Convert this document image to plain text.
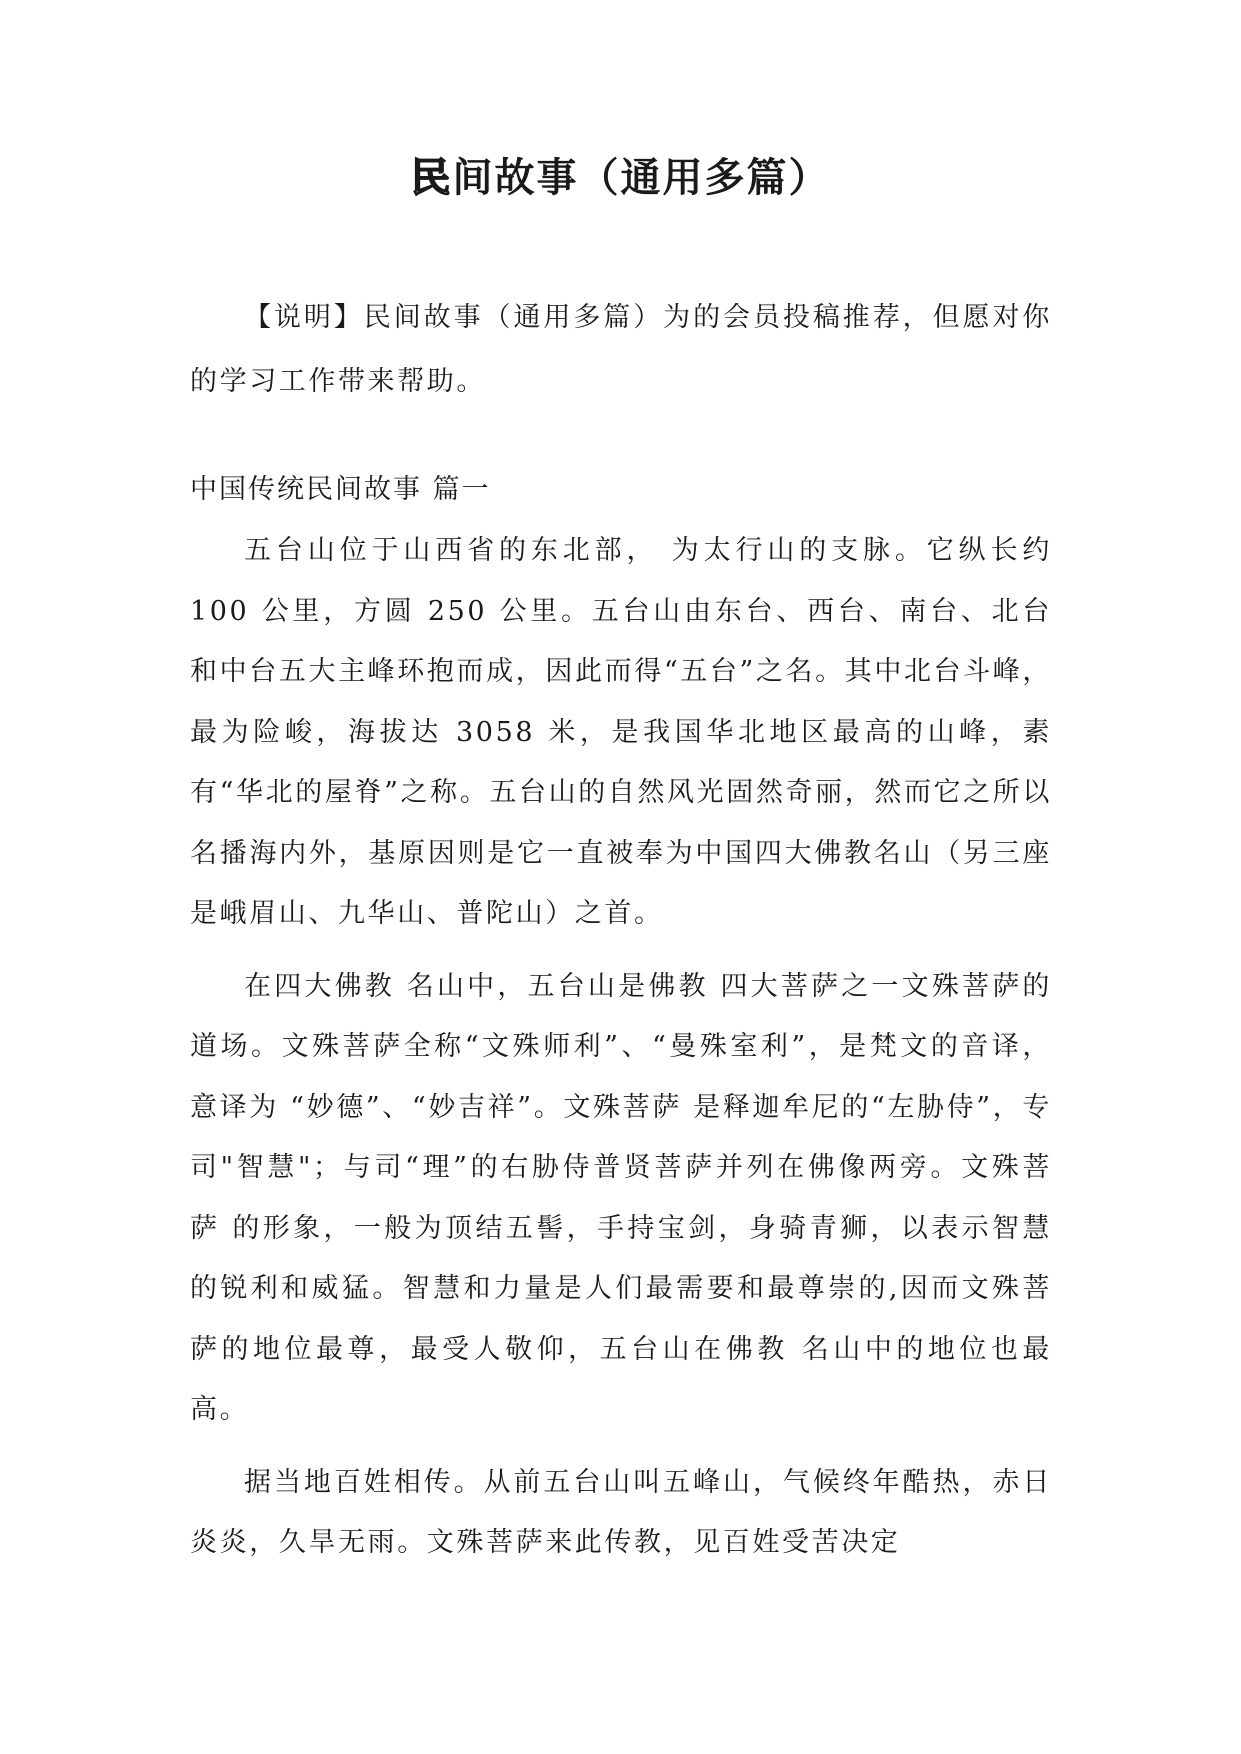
民间故事（通用多篇）

【说明】民间故事（通用多篇）为的会员投稿推荐，但愿对你的学习工作带来帮助。

中国传统民间故事 篇一

五台山位于山西省的东北部， 为太行山的支脉。它纵长约 100 公里，方圆 250 公里。五台山由东台、西台、南台、北台和中台五大主峰环抱而成，因此而得“五台”之名。其中北台斗峰，最为险峻，海拔达 3058 米，是我国华北地区最高的山峰，素有“华北的屋脊”之称。五台山的自然风光固然奇丽，然而它之所以名播海内外，基原因则是它一直被奉为中国四大佛教名山（另三座是峨眉山、九华山、普陀山）之首。

在四大佛教 名山中，五台山是佛教 四大菩萨之一文殊菩萨的道场。文殊菩萨全称“文殊师利”、“曼殊室利”，是梵文的音译，意译为 “妙德”、“妙吉祥”。文殊菩萨 是释迦牟尼的“左胁侍”，专司"智慧"；与司“理”的右胁侍普贤菩萨并列在佛像两旁。文殊菩萨 的形象，一般为顶结五髻，手持宝剑，身骑青狮，以表示智慧的锐利和威猛。智慧和力量是人们最需要和最尊崇的,因而文殊菩萨的地位最尊，最受人敬仰，五台山在佛教 名山中的地位也最高。

据当地百姓相传。从前五台山叫五峰山，气候终年酷热，赤日炎炎，久旱无雨。文殊菩萨来此传教，见百姓受苦决定
